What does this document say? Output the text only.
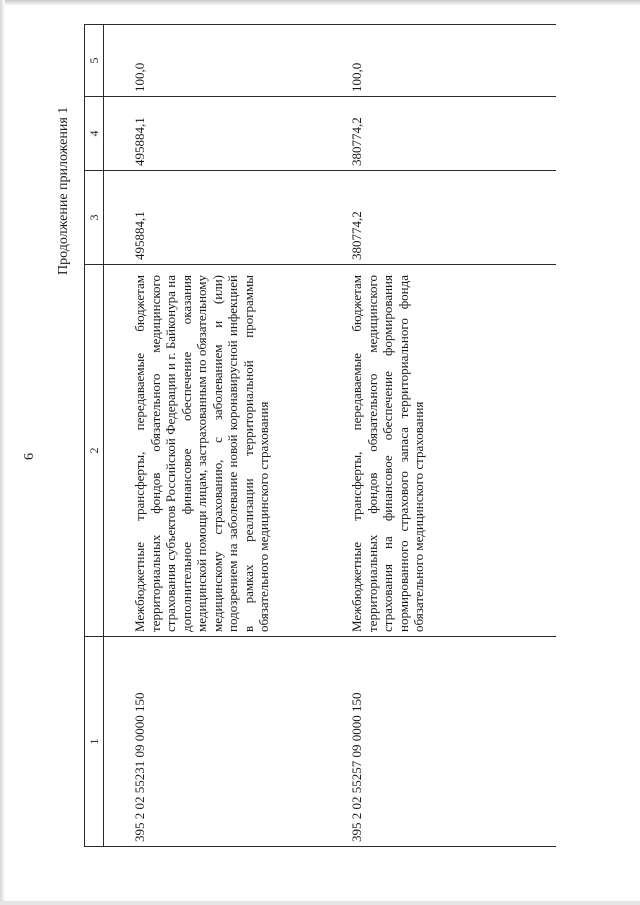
6
Продолжение приложения 1
1	2	3	4	5
395 2 02 55231 09 0000 150	Межбюджетные трансферты, передаваемые бюджетам территориальных фондов обязательного медицинского страхования субъектов Российской Федерации и г. Байконура на дополнительное финансовое обеспечение оказания медицинской помощи лицам, застрахованным по обязательному медицинскому страхованию, с заболеванием и (или) подозрением на заболевание новой коронавирусной инфекцией в рамках реализации территориальной программы обязательного медицинского страхования	495884,1	495884,1	100,0
395 2 02 55257 09 0000 150	Межбюджетные трансферты, передаваемые бюджетам территориальных фондов обязательного медицинского страхования на финансовое обеспечение формирования нормированного страхового запаса территориального фонда обязательного медицинского страхования	380774,2	380774,2	100,0
